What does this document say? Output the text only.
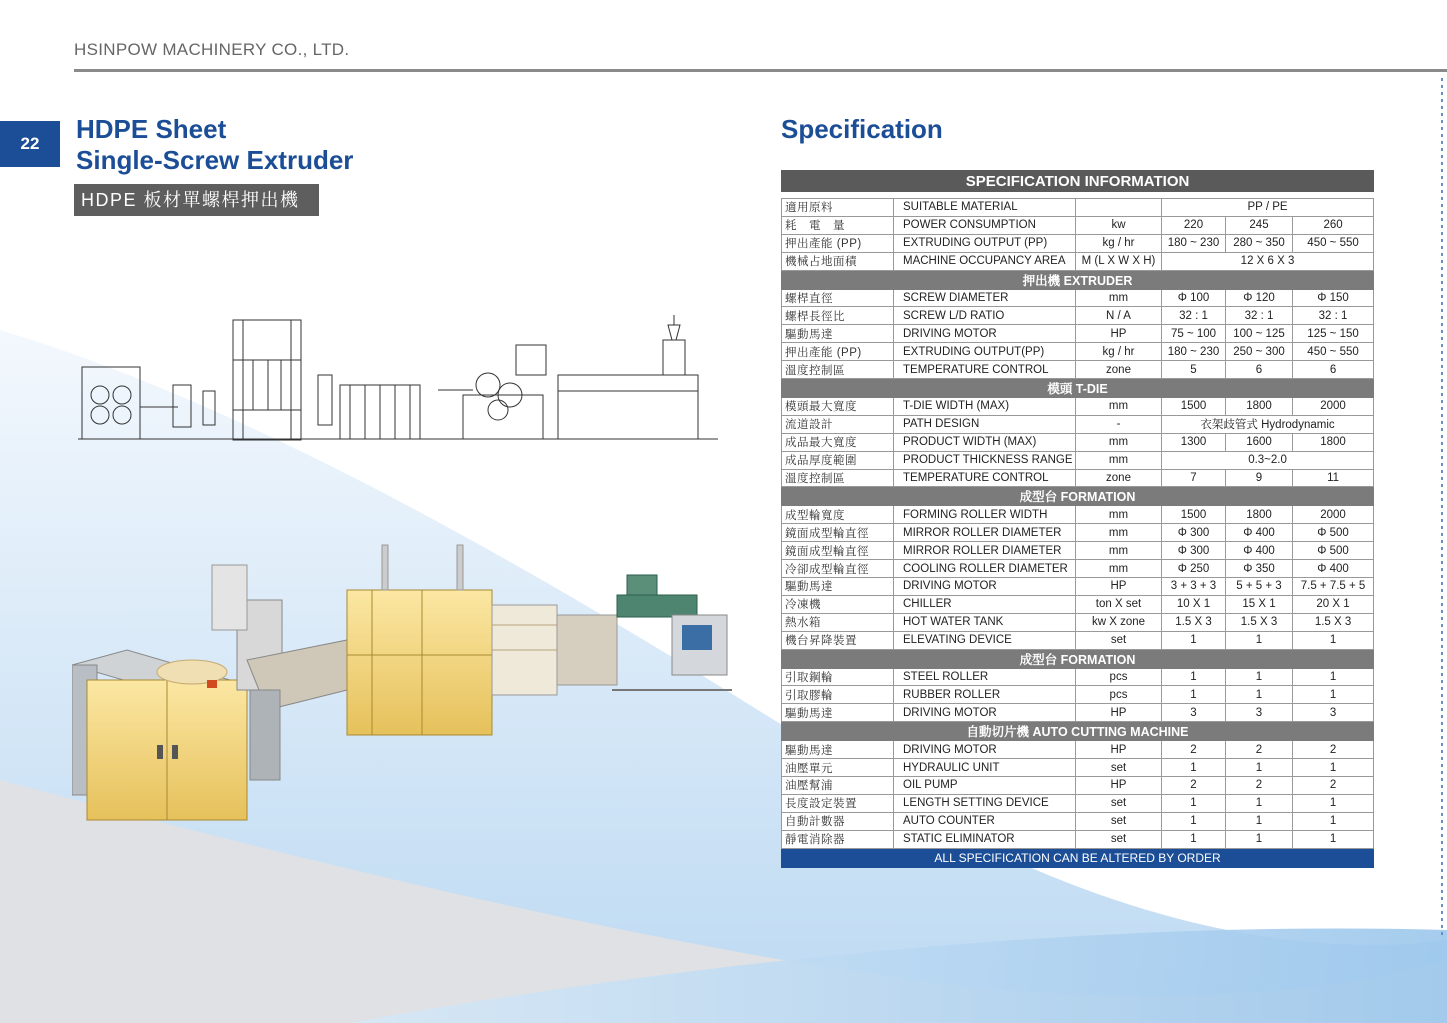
HSINPOW MACHINERY CO., LTD.
22	HDPE Sheet
Single-Screw Extruder
HDPE 板材單螺桿押出機
Specification
SPECIFICATION INFORMATION					

適用原料	SUITABLE MATERIAL		PP / PE		
耗　電　量	POWER CONSUMPTION	kw	220	245	260
押出產能 (PP)	EXTRUDING OUTPUT (PP)	kg / hr	180 ~ 230	280 ~ 350	450 ~ 550
機械占地面積	MACHINE OCCUPANCY AREA	M (L X W X H)	12 X 6 X 3		
押出機 EXTRUDER					
螺桿直徑	SCREW DIAMETER	mm	Φ 100	Φ 120	Φ 150
螺桿長徑比	SCREW L/D RATIO	N / A	32 : 1	32 : 1	32 : 1
驅動馬達	DRIVING MOTOR	HP	75 ~ 100	100 ~ 125	125 ~ 150
押出產能 (PP)	EXTRUDING OUTPUT(PP)	kg / hr	180 ~ 230	250 ~ 300	450 ~ 550
溫度控制區	TEMPERATURE CONTROL	zone	5	6	6
模頭 T-DIE					
模頭最大寬度	T-DIE WIDTH (MAX)	mm	1500	1800	2000
流道設計	PATH DESIGN	-	衣架歧管式 Hydrodynamic		
成品最大寬度	PRODUCT WIDTH (MAX)	mm	1300	1600	1800
成品厚度範圍	PRODUCT THICKNESS RANGE	mm	0.3~2.0		
溫度控制區	TEMPERATURE CONTROL	zone	7	9	11
成型台 FORMATION					
成型輪寬度	FORMING ROLLER WIDTH	mm	1500	1800	2000
鏡面成型輪直徑	MIRROR ROLLER DIAMETER	mm	Φ 300	Φ 400	Φ 500
鏡面成型輪直徑	MIRROR ROLLER DIAMETER	mm	Φ 300	Φ 400	Φ 500
冷卻成型輪直徑	COOLING ROLLER DIAMETER	mm	Φ 250	Φ 350	Φ 400
驅動馬達	DRIVING MOTOR	HP	3 + 3 + 3	5 + 5 + 3	7.5 + 7.5 + 5
冷凍機	CHILLER	ton X set	10 X 1	15 X 1	20 X 1
熱水箱	HOT WATER TANK	kw X zone	1.5 X 3	1.5 X 3	1.5 X 3
機台昇降裝置	ELEVATING DEVICE	set	1	1	1
成型台 FORMATION					
引取鋼輪	STEEL ROLLER	pcs	1	1	1
引取膠輪	RUBBER ROLLER	pcs	1	1	1
驅動馬達	DRIVING MOTOR	HP	3	3	3
自動切片機 AUTO CUTTING MACHINE					
驅動馬達	DRIVING MOTOR	HP	2	2	2
油壓單元	HYDRAULIC UNIT	set	1	1	1
油壓幫浦	OIL PUMP	HP	2	2	2
長度設定裝置	LENGTH SETTING DEVICE	set	1	1	1
自動計數器	AUTO COUNTER	set	1	1	1
靜電消除器	STATIC ELIMINATOR	set	1	1	1
ALL SPECIFICATION CAN BE ALTERED BY ORDER					
